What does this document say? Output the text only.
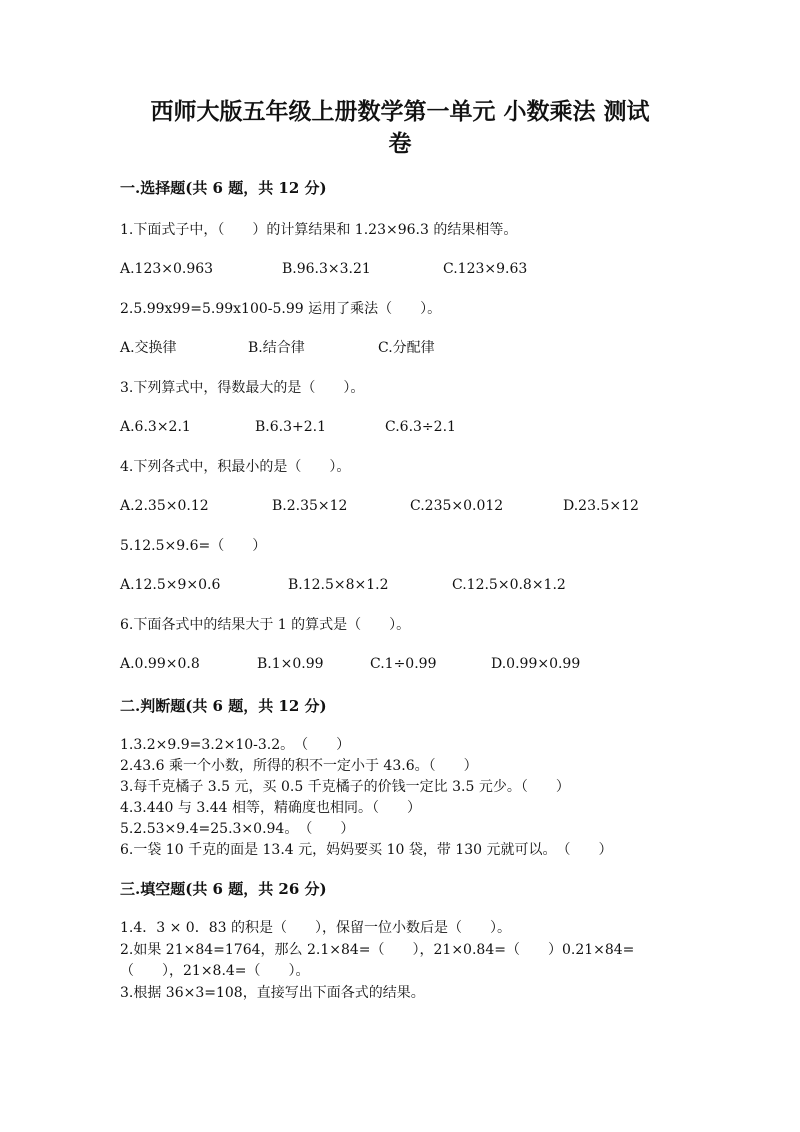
西师大版五年级上册数学第一单元 小数乘法 测试
卷
一.选择题(共 6 题，共 12 分)
1.下面式子中，（　　）的计算结果和 1.23×96.3 的结果相等。
A.123×0.963	B.96.3×3.21	C.123×9.63
2.5.99x99=5.99x100-5.99 运用了乘法（　　）。
A.交换律	B.结合律	C.分配律
3.下列算式中，得数最大的是（　　）。
A.6.3×2.1	B.6.3+2.1	C.6.3÷2.1
4.下列各式中，积最小的是（　　）。
A.2.35×0.12	B.2.35×12	C.235×0.012	D.23.5×12
5.12.5×9.6=（　　）
A.12.5×9×0.6	B.12.5×8×1.2	C.12.5×0.8×1.2
6.下面各式中的结果大于 1 的算式是（　　）。
A.0.99×0.8	B.1×0.99	C.1÷0.99	D.0.99×0.99
二.判断题(共 6 题，共 12 分)
1.3.2×9.9=3.2×10-3.2。　（　　）
2.43.6 乘一个小数，所得的积不一定小于 43.6。（　　）
3.每千克橘子 3.5 元，买 0.5 千克橘子的价钱一定比 3.5 元少。（　　）
4.3.440 与 3.44 相等，精确度也相同。（　　）
5.2.53×9.4=25.3×0.94。　（　　）
6.一袋 10 千克的面是 13.4 元，妈妈要买 10 袋，带 130 元就可以。　（　　）
三.填空题(共 6 题，共 26 分)
1.4．3 × 0．83 的积是（　　），保留一位小数后是（　　）。
2.如果 21×84=1764，那么 2.1×84=（　　），21×0.84=（　　）0.21×84=
（　　），21×8.4=（　　）。
3.根据 36×3=108，直接写出下面各式的结果。
